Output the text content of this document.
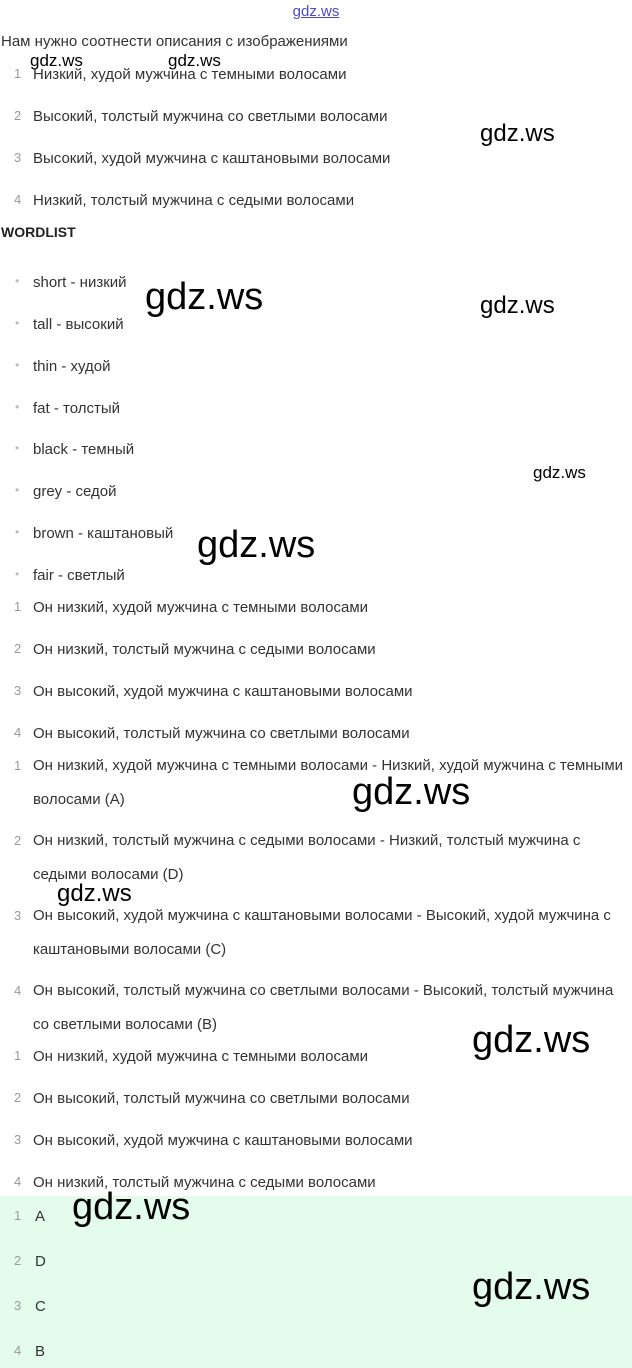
gdz.ws
Нам нужно соотнести описания с изображениями
1 Низкий, худой мужчина с темными волосами
2 Высокий, толстый мужчина со светлыми волосами
3 Высокий, худой мужчина с каштановыми волосами
4 Низкий, толстый мужчина с седыми волосами
WORDLIST
• short - низкий
• tall - высокий
• thin - худой
• fat - толстый
• black - темный
• grey - седой
• brown - каштановый
• fair - светлый
1 Он низкий, худой мужчина с темными волосами
2 Он низкий, толстый мужчина с седыми волосами
3 Он высокий, худой мужчина с каштановыми волосами
4 Он высокий, толстый мужчина со светлыми волосами
1 Он низкий, худой мужчина с темными волосами - Низкий, худой мужчина с темными волосами (A)
2 Он низкий, толстый мужчина с седыми волосами - Низкий, толстый мужчина с седыми волосами (D)
3 Он высокий, худой мужчина с каштановыми волосами - Высокий, худой мужчина с каштановыми волосами (C)
4 Он высокий, толстый мужчина со светлыми волосами - Высокий, толстый мужчина со светлыми волосами (B)
1 Он низкий, худой мужчина с темными волосами
2 Он высокий, толстый мужчина со светлыми волосами
3 Он высокий, худой мужчина с каштановыми волосами
4 Он низкий, толстый мужчина с седыми волосами
1 A
2 D
3 C
4 B
gdz.ws	gdz.ws
gdz.ws
gdz.ws	gdz.ws
gdz.ws
gdz.ws
gdz.ws
gdz.ws
gdz.ws
gdz.ws
gdz.ws
